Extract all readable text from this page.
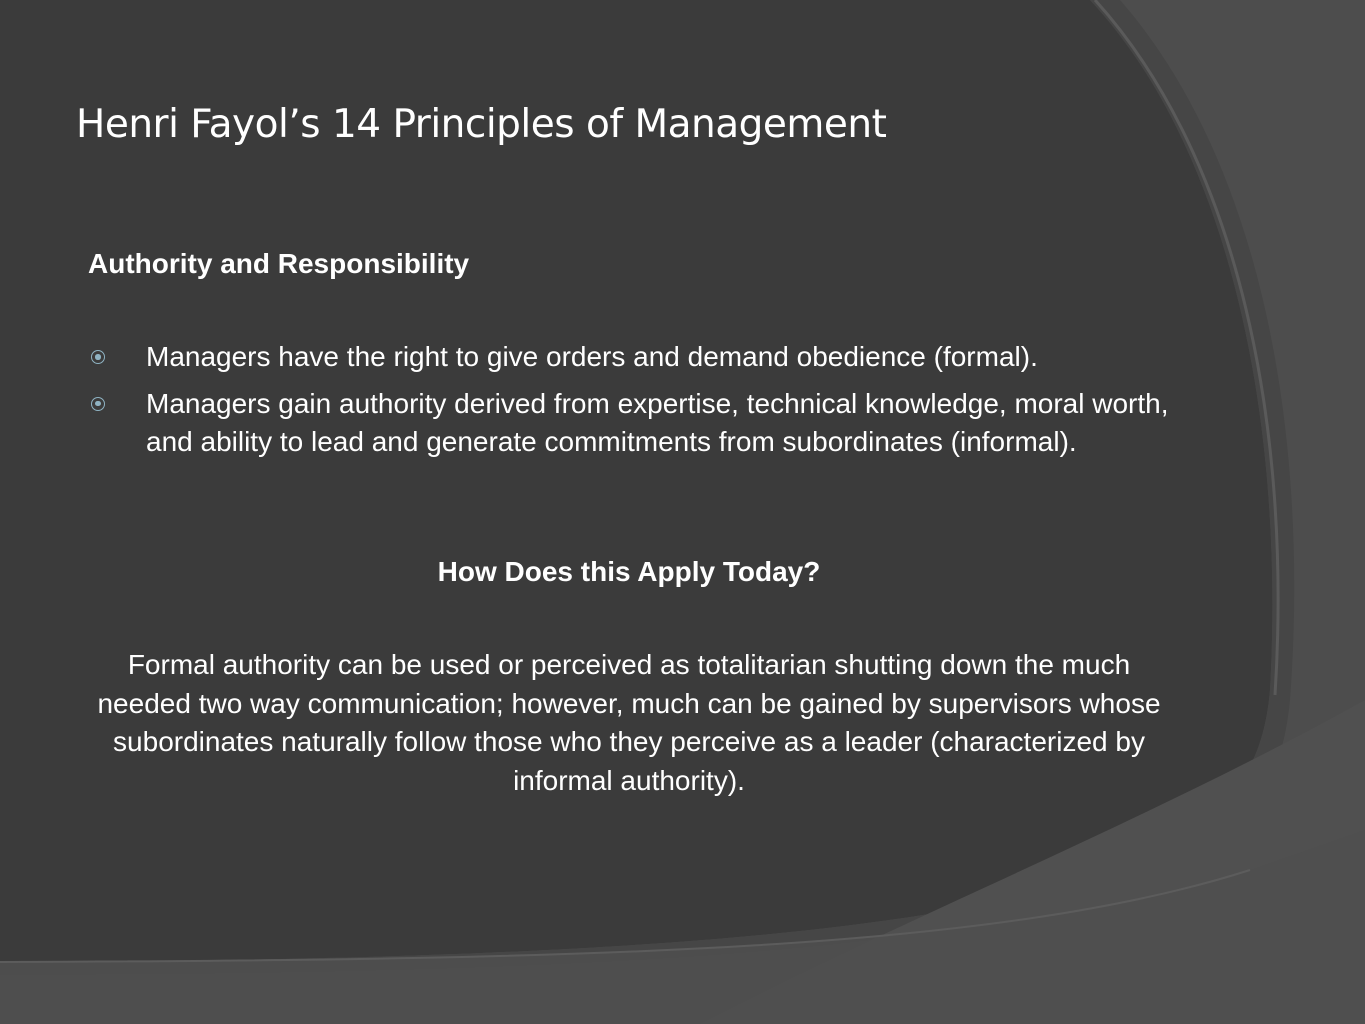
Henri Fayol’s 14 Principles of Management
Authority and Responsibility
Managers have the right to give orders and demand obedience (formal).
Managers gain authority derived from expertise, technical knowledge, moral worth, and ability to lead and generate commitments from subordinates (informal).
How Does this Apply Today?

Formal authority can be used or perceived as totalitarian shutting down the much needed two way communication; however, much can be gained by supervisors whose subordinates naturally follow those who they perceive as a leader (characterized by informal authority).
